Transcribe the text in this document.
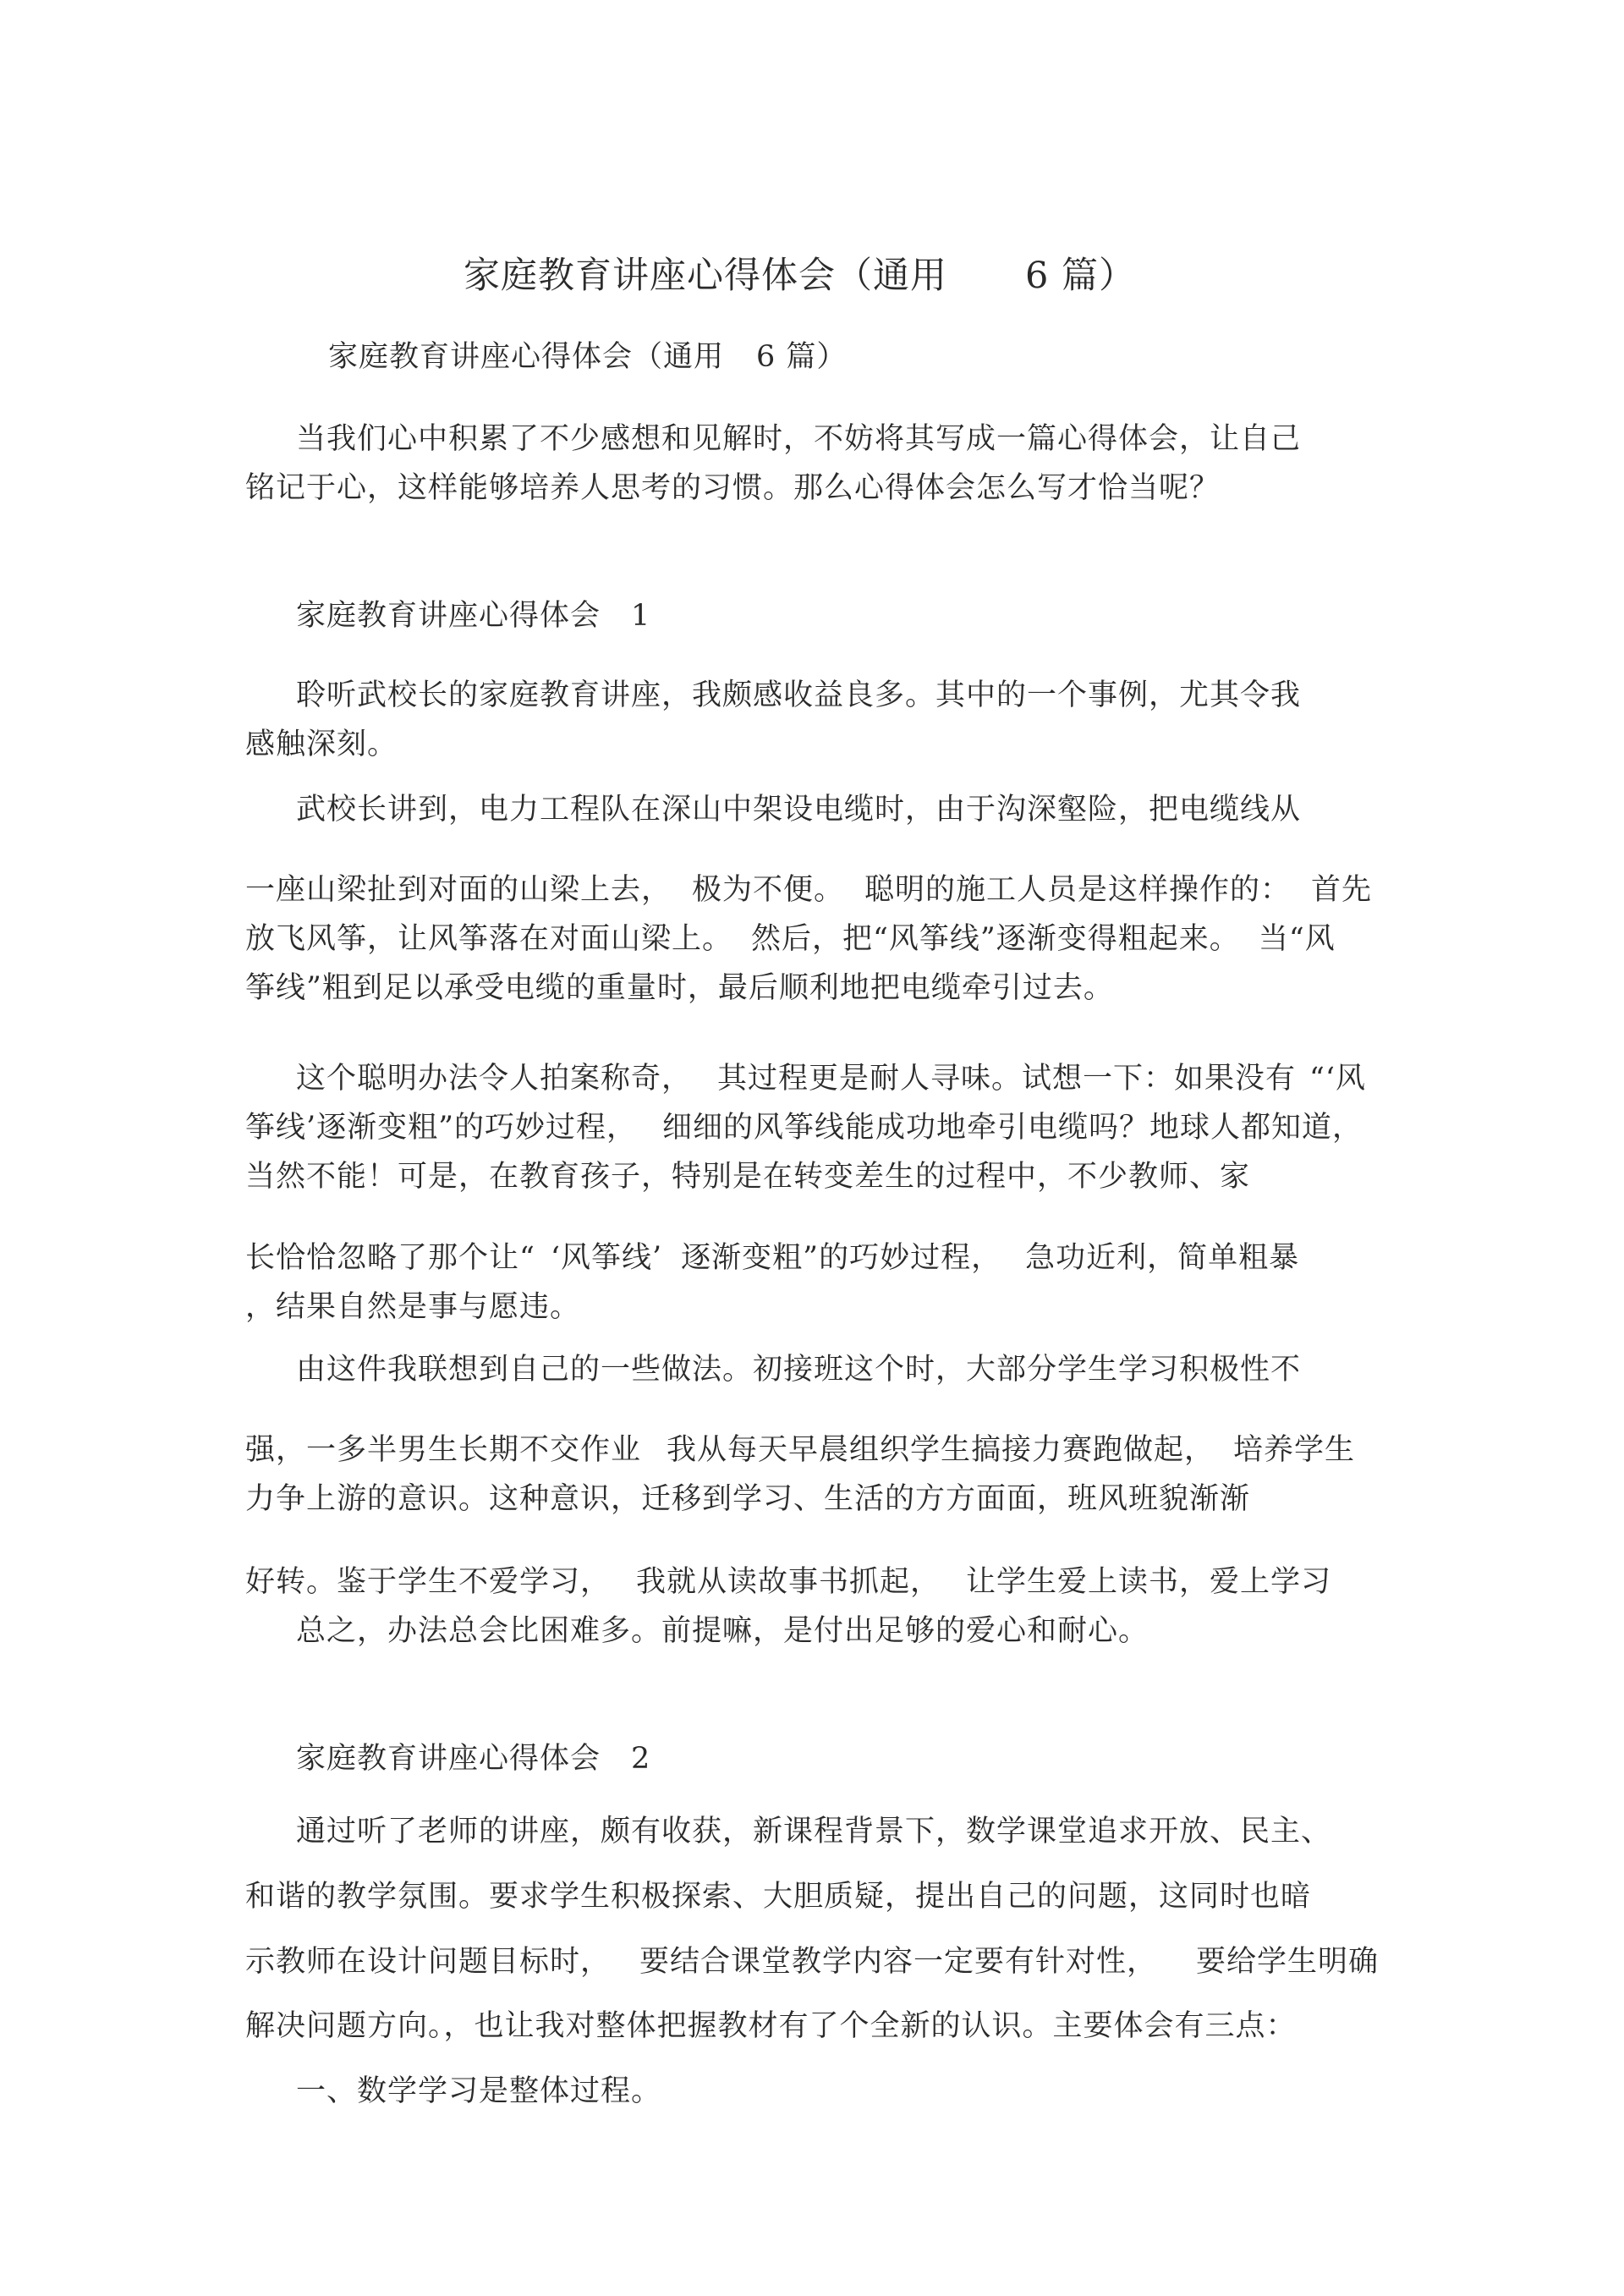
家庭教育讲座心得体会（通用 6 篇）
家庭教育讲座心得体会（通用 6 篇）
当我们心中积累了不少感想和见解时，不妨将其写成一篇心得体会，让自己
铭记于心，这样能够培养人思考的习惯。那么心得体会怎么写才恰当呢？
家庭教育讲座心得体会 1
聆听武校长的家庭教育讲座，我颇感收益良多。其中的一个事例，尤其令我
感触深刻。
武校长讲到，电力工程队在深山中架设电缆时，由于沟深壑险，把电缆线从
一座山梁扯到对面的山梁上去， 极为不便。 聪明的施工人员是这样操作的： 首先
放飞风筝，让风筝落在对面山梁上。 然后，把“风筝线”逐渐变得粗起来。 当“风
筝线”粗到足以承受电缆的重量时，最后顺利地把电缆牵引过去。
这个聪明办法令人拍案称奇， 其过程更是耐人寻味。试想一下：如果没有 “‘风
筝线’逐渐变粗”的巧妙过程， 细细的风筝线能成功地牵引电缆吗？地球人都知道，
当然不能！可是，在教育孩子，特别是在转变差生的过程中，不少教师、家
长恰恰忽略了那个让“ ‘风筝线’ 逐渐变粗”的巧妙过程， 急功近利，简单粗暴
，结果自然是事与愿违。
由这件我联想到自己的一些做法。初接班这个时，大部分学生学习积极性不
强，一多半男生长期不交作业 我从每天早晨组织学生搞接力赛跑做起， 培养学生
力争上游的意识。这种意识，迁移到学习、生活的方方面面，班风班貌渐渐
好转。鉴于学生不爱学习， 我就从读故事书抓起， 让学生爱上读书，爱上学习
总之，办法总会比困难多。前提嘛，是付出足够的爱心和耐心。
家庭教育讲座心得体会 2
通过听了老师的讲座，颇有收获，新课程背景下，数学课堂追求开放、民主、
和谐的教学氛围。要求学生积极探索、大胆质疑，提出自己的问题，这同时也暗
示教师在设计问题目标时， 要结合课堂教学内容一定要有针对性， 要给学生明确
解决问题方向。，也让我对整体把握教材有了个全新的认识。主要体会有三点：
一、数学学习是整体过程。
